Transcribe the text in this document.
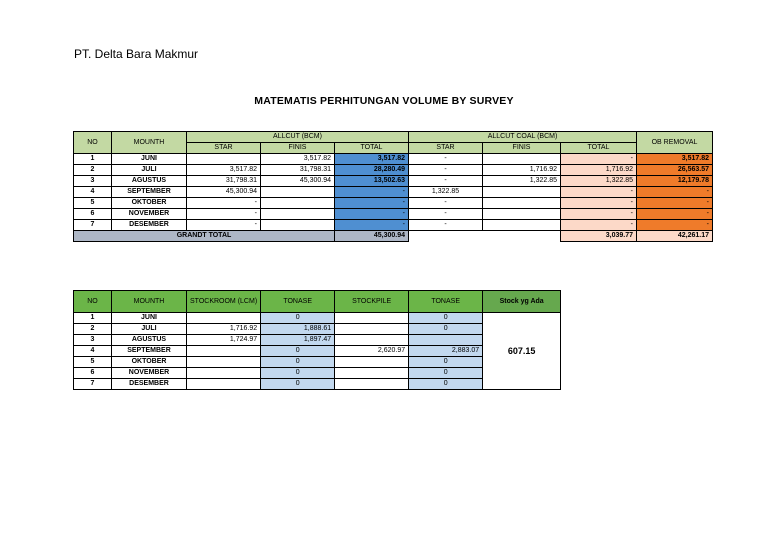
PT. Delta Bara Makmur
MATEMATIS PERHITUNGAN VOLUME BY SURVEY
NO	MOUNTH	ALLCUT (BCM)			ALLCUT COAL (BCM)			OB REMOVAL
		STAR	FINIS	TOTAL	STAR	FINIS	TOTAL	
1	JUNI		3,517.82	3,517.82	-		-	3,517.82
2	JULI	3,517.82	31,798.31	28,280.49	-	1,716.92	1,716.92	26,563.57
3	AGUSTUS	31,798.31	45,300.94	13,502.63	-	1,322.85	1,322.85	12,179.78
4	SEPTEMBER	45,300.94		-	1,322.85		-	-
5	OKTOBER	-		-	-		-	-
6	NOVEMBER	-		-	-		-	-
7	DESEMBER	-		-	-		-	-
GRANDT TOTAL				45,300.94			3,039.77	42,261.17
NO	MOUNTH	STOCKROOM (LCM)	TONASE	STOCKPILE	TONASE	Stock yg Ada
1	JUNI		0		0	607.15
2	JULI	1,716.92	1,888.61		0	
3	AGUSTUS	1,724.97	1,897.47			
4	SEPTEMBER		0	2,620.97	2,883.07	
5	OKTOBER		0		0	
6	NOVEMBER		0		0	
7	DESEMBER		0		0	
